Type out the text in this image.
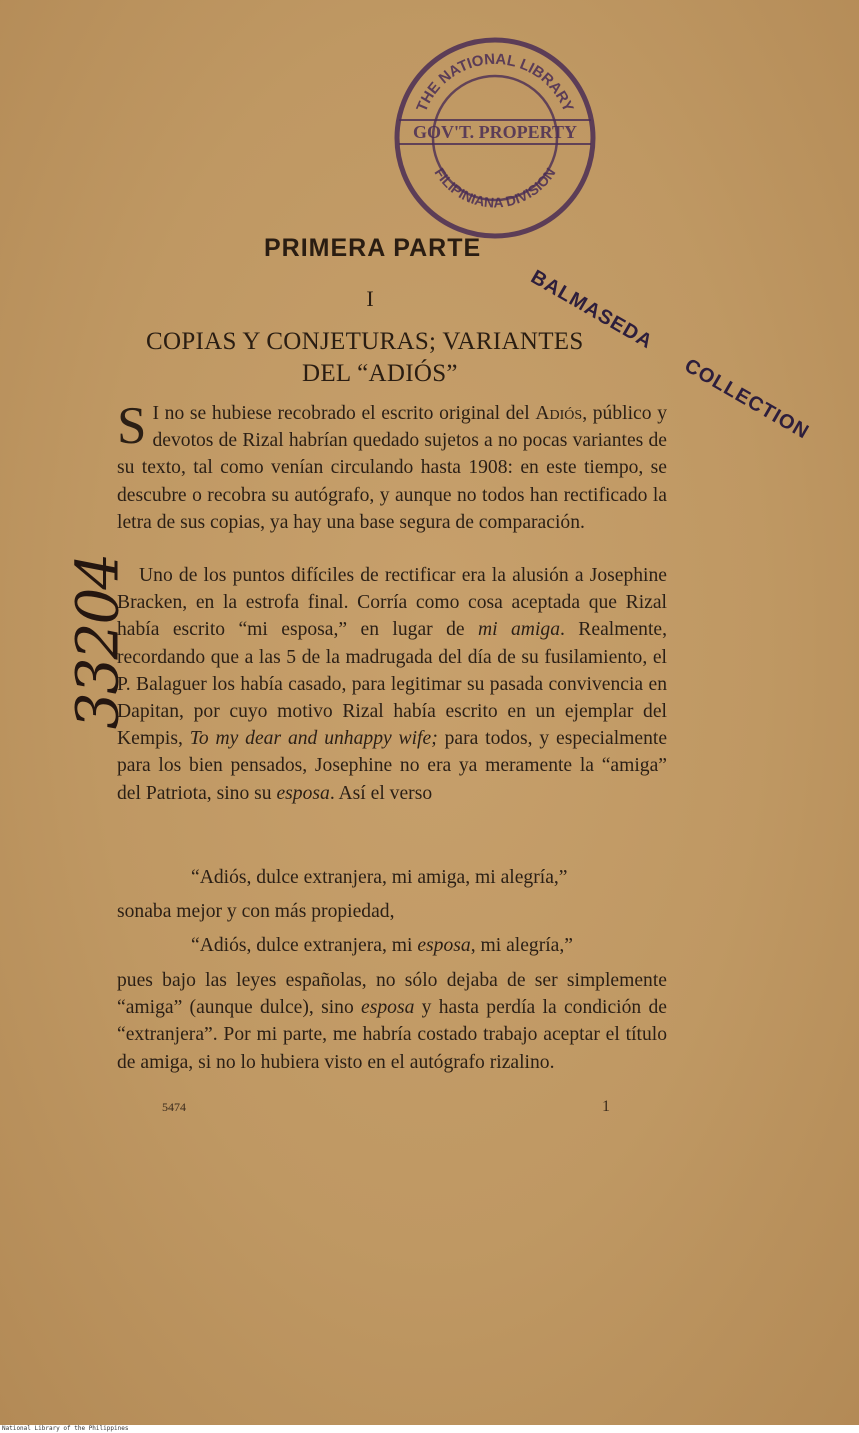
THE NATIONAL LIBRARY
GOV'T. PROPERTY
FILIPINIANA DIVISION
PRIMERA PARTE
I
COPIAS Y CONJETURAS; VARIANTES
DEL “ADIÓS”
BALMASEDA COLLECTION
33204
S I no se hubiese recobrado el escrito original del Adiós, público y devotos de Rizal habrían quedado sujetos a no pocas variantes de su texto, tal como venían circulando hasta 1908: en este tiempo, se descubre o recobra su autógrafo, y aunque no todos han rectificado la letra de sus copias, ya hay una base segura de comparación.
Uno de los puntos difíciles de rectificar era la alusión a Josephine Bracken, en la estrofa final. Corría como cosa aceptada que Rizal había escrito “mi esposa,” en lugar de mi amiga. Realmente, recordando que a las 5 de la madrugada del día de su fusilamiento, el P. Balaguer los había casado, para legitimar su pasada convivencia en Dapitan, por cuyo motivo Rizal había escrito en un ejemplar del Kempis, To my dear and unhappy wife; para todos, y especialmente para los bien pensados, Josephine no era ya meramente la “amiga” del Patriota, sino su esposa. Así el verso
“Adiós, dulce extranjera, mi amiga, mi alegría,”
sonaba mejor y con más propiedad,
“Adiós, dulce extranjera, mi esposa, mi alegría,”
pues bajo las leyes españolas, no sólo dejaba de ser simplemente “amiga” (aunque dulce), sino esposa y hasta perdía la condición de “extranjera”. Por mi parte, me habría costado trabajo aceptar el título de amiga, si no lo hubiera visto en el autógrafo rizalino.
5474	1
National Library of the Philippines
